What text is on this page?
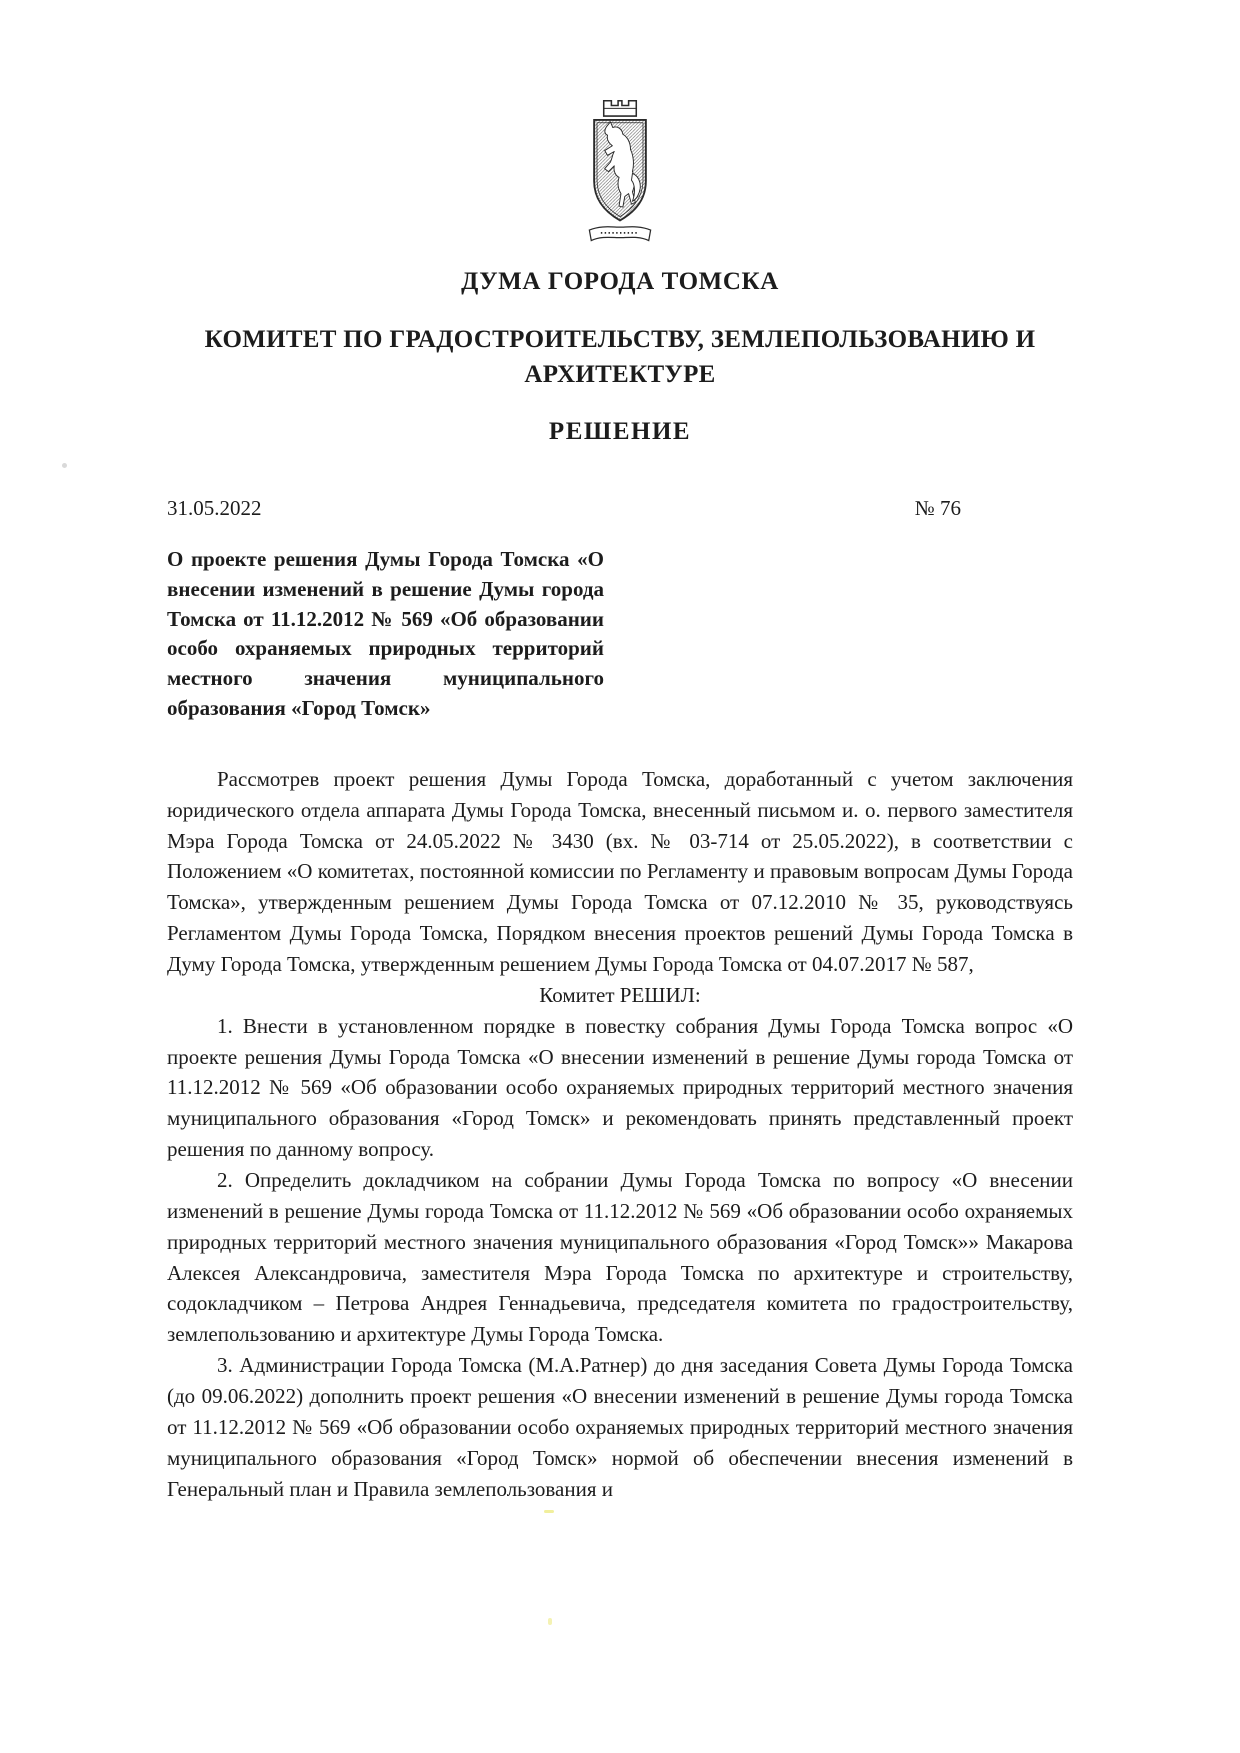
ДУМА ГОРОДА ТОМСКА
КОМИТЕТ ПО ГРАДОСТРОИТЕЛЬСТВУ, ЗЕМЛЕПОЛЬЗОВАНИЮ И АРХИТЕКТУРЕ
РЕШЕНИЕ
31.05.2022	№ 76
О проекте решения Думы Города Томска «О внесении изменений в решение Думы города Томска от 11.12.2012 № 569 «Об образовании особо охраняемых природных территорий местного значения муниципального образования «Город Томск»

Рассмотрев проект решения Думы Города Томска, доработанный с учетом заключения юридического отдела аппарата Думы Города Томска, внесенный письмом и. о. первого заместителя Мэра Города Томска от 24.05.2022 № 3430 (вх. № 03-714 от 25.05.2022), в соответствии с Положением «О комитетах, постоянной комиссии по Регламенту и правовым вопросам Думы Города Томска», утвержденным решением Думы Города Томска от 07.12.2010 № 35, руководствуясь Регламентом Думы Города Томска, Порядком внесения проектов решений Думы Города Томска в Думу Города Томска, утвержденным решением Думы Города Томска от 04.07.2017 № 587,

Комитет РЕШИЛ:

1. Внести в установленном порядке в повестку собрания Думы Города Томска вопрос «О проекте решения Думы Города Томска «О внесении изменений в решение Думы города Томска от 11.12.2012 № 569 «Об образовании особо охраняемых природных территорий местного значения муниципального образования «Город Томск» и рекомендовать принять представленный проект решения по данному вопросу.

2. Определить докладчиком на собрании Думы Города Томска по вопросу «О внесении изменений в решение Думы города Томска от 11.12.2012 № 569 «Об образовании особо охраняемых природных территорий местного значения муниципального образования «Город Томск»» Макарова Алексея Александровича, заместителя Мэра Города Томска по архитектуре и строительству, содокладчиком – Петрова Андрея Геннадьевича, председателя комитета по градостроительству, землепользованию и архитектуре Думы Города Томска.

3. Администрации Города Томска (М.А.Ратнер) до дня заседания Совета Думы Города Томска (до 09.06.2022) дополнить проект решения «О внесении изменений в решение Думы города Томска от 11.12.2012 № 569 «Об образовании особо охраняемых природных территорий местного значения муниципального образования «Город Томск» нормой об обеспечении внесения изменений в Генеральный план и Правила землепользования и
